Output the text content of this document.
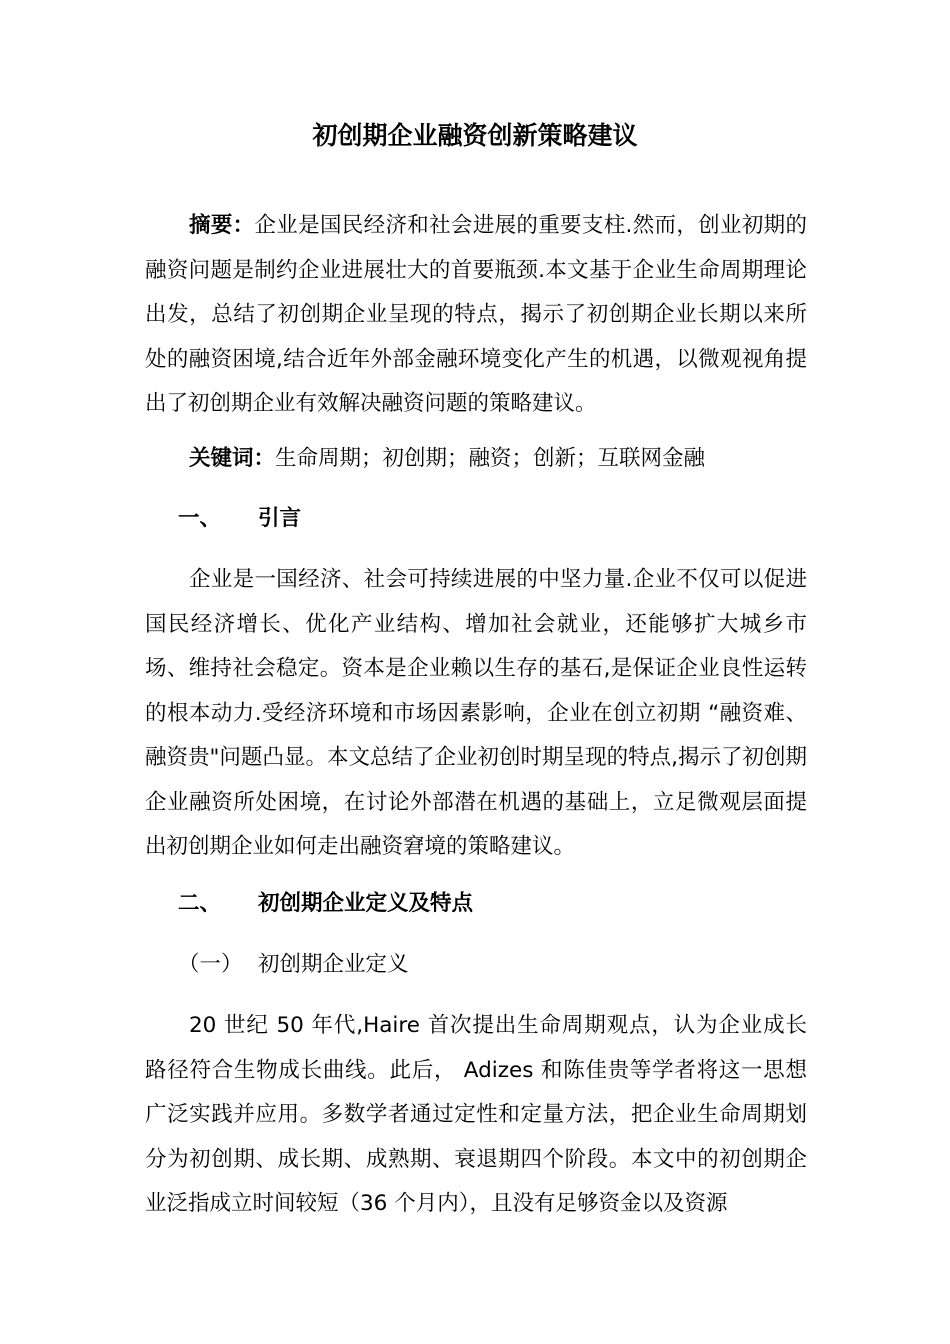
初创期企业融资创新策略建议

摘要：企业是国民经济和社会进展的重要支柱.然而，创业初期的融资问题是制约企业进展壮大的首要瓶颈.本文基于企业生命周期理论出发，总结了初创期企业呈现的特点，揭示了初创期企业长期以来所处的融资困境,结合近年外部金融环境变化产生的机遇，以微观视角提出了初创期企业有效解决融资问题的策略建议。

关键词：生命周期；初创期；融资；创新；互联网金融

一、 引言

企业是一国经济、社会可持续进展的中坚力量.企业不仅可以促进国民经济增长、优化产业结构、增加社会就业，还能够扩大城乡市场、维持社会稳定。资本是企业赖以生存的基石,是保证企业良性运转的根本动力.受经济环境和市场因素影响，企业在创立初期 “融资难、融资贵"问题凸显。本文总结了企业初创时期呈现的特点,揭示了初创期企业融资所处困境，在讨论外部潜在机遇的基础上，立足微观层面提出初创期企业如何走出融资窘境的策略建议。

二、 初创期企业定义及特点
（一） 初创期企业定义

20 世纪 50 年代,Haire 首次提出生命周期观点，认为企业成长路径符合生物成长曲线。此后， Adizes 和陈佳贵等学者将这一思想广泛实践并应用。多数学者通过定性和定量方法，把企业生命周期划分为初创期、成长期、成熟期、衰退期四个阶段。本文中的初创期企业泛指成立时间较短（36 个月内），且没有足够资金以及资源
